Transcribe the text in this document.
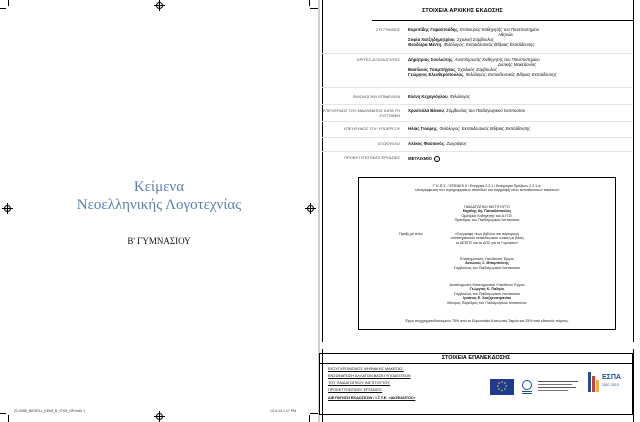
Κείμενα
Νεοελληνικής Λογοτεχνίας
Β' ΓΥΜΝΑΣΙΟΥ
22-0085_NEOELL_KEIM_B_GYM_GR.indd 1	13-4-13 1:17 PM
ΣΤΟΙΧΕΙΑ ΑΡΧΙΚΗΣ ΕΚΔΟΣΗΣ
ΣΥΓΓΡΑΦΕΙΣ Ευριπίδης Γαραντούδης, Επίκουρος Καθηγητής του Πανεπιστημίου
Αθηνών
Σοφία Χατζηδημητρίου, Σχολική Σύμβουλος
Θεοδώρα Μέντη, Φιλόλογος, Εκπαιδευτικός Β/θμιας Εκπαίδευσης
ΚΡΙΤΕΣ-ΑΞΙΟΛΟΓΗΤΕΣ Δημήτριος Σουλιώτης, Αναπληρωτής Καθηγητής του Πανεπιστημίου
Δυτικής Μακεδονίας
Βασίλειος Τσαμπήγκος, Σχολικός Σύμβουλος
Γεώργιος Ελευθερόπουλος, Φιλόλογος, Εκπαιδευτικός Β/θμιας Εκπαίδευσης
ΦΙΛΟΛΟΓΙΚΗ ΕΠΙΜΕΛΕΙΑ Ελένη Κεχαγιόγλου, Φιλόλογος
ΥΠΕΥΘΥΝΟΣ ΤΟΥ ΜΑΘΗΜΑΤΟΣ ΚΑΤΑ ΤΗ ΣΥΓΓΡΑΦΗ
Χρυσούλα Βέικου, Σύμβουλος του Παιδαγωγικού Ινστιτούτου
ΥΠΕΥΘΥΝΟΣ ΤΟΥ ΥΠΟΕΡΓΟΥ Ηλίας Γιούρης, Φιλόλογος, Εκπαιδευτικός Β/θμιας Εκπαίδευσης
ΕΞΩΦΥΛΛΟ Αλέκος Φασιανός, Ζωγράφος
ΠΡΟΕΚΤΥΠΩΤΙΚΕΣ ΕΡΓΑΣΙΕΣ ΜΕΤΑΙΧΜΙΟ i
Γ' Κ.Π.Σ. / ΕΠΕΑΕΚ ΙΙ / Ενέργεια 2.2.1 / Κατηγορία Πράξεων 2.2.1.α:
«Αναμόρφωση των προγραμμάτων σπουδών και συγγραφή νέων εκπαιδευτικών πακέτων»
ΠΑΙΔΑΓΩΓΙΚΟ ΙΝΣΤΙΤΟΥΤΟ
Μιχάλης Αγ. Παπαδόπουλος
Ομότιμος Καθηγητής του Α.Π.Θ.
Πρόεδρος του Παιδαγωγικού Ινστιτούτου
Πράξη με τίτλο:	«Συγγραφή νέων βιβλίων και παραγωγή
υποστηρικτικού εκπαιδευτικού υλικού με βάση
το ΔΕΠΠΣ και τα ΑΠΣ για το Γυμνάσιο»
Επιστημονικός Υπεύθυνος Έργου
Αντώνιος Σ. Μπομπέτσης
Σύμβουλος του Παιδαγωγικού Ινστιτούτου
Αναπληρωτές Επιστημονικοί Υπεύθυνοι Έργου
Γεώργιος Κ. Παληός
Σύμβουλος του Παιδαγωγικού Ινστιτούτου
Ιγνάτιος Ε. Χατζηευστρατίου
Μόνιμος Πάρεδρος του Παιδαγωγικού Ινστιτούτου
Έργο συγχρηματοδοτούμενο 75% από το Ευρωπαϊκό Κοινωνικό Ταμείο και 25% από εθνικούς πόρους.
ΣΤΟΙΧΕΙΑ ΕΠΑΝΕΚΔΟΣΗΣ
ΕΚΣΥΓΧΡΟΝΙΣΜΟΣ ΨΗΦΙΑΚΗΣ ΜΑΚΕΤΑΣ,
ΕΝΣΩΜΑΤΩΣΗ ΑΛΛΑΓΩΝ ΒΑΣΕΙ ΥΠΟΔΕΙΞΕΩΝ
ΤΟΥ ΠΑΙΔΑΓΩΓΙΚΟΥ ΙΝΣΤΙΤΟΥΤΟΥ,
ΠΡΟΕΚΤΥΠΩΤΙΚΕΣ ΕΡΓΑΣΙΕΣ:
ΔΙΕΥΘΥΝΣΗ ΕΚΔΟΣΕΩΝ / Ι.Τ.Υ.Ε. «ΔΙΟΦΑΝΤΟΣ»
ΕΣΠΑ
2007-2013
